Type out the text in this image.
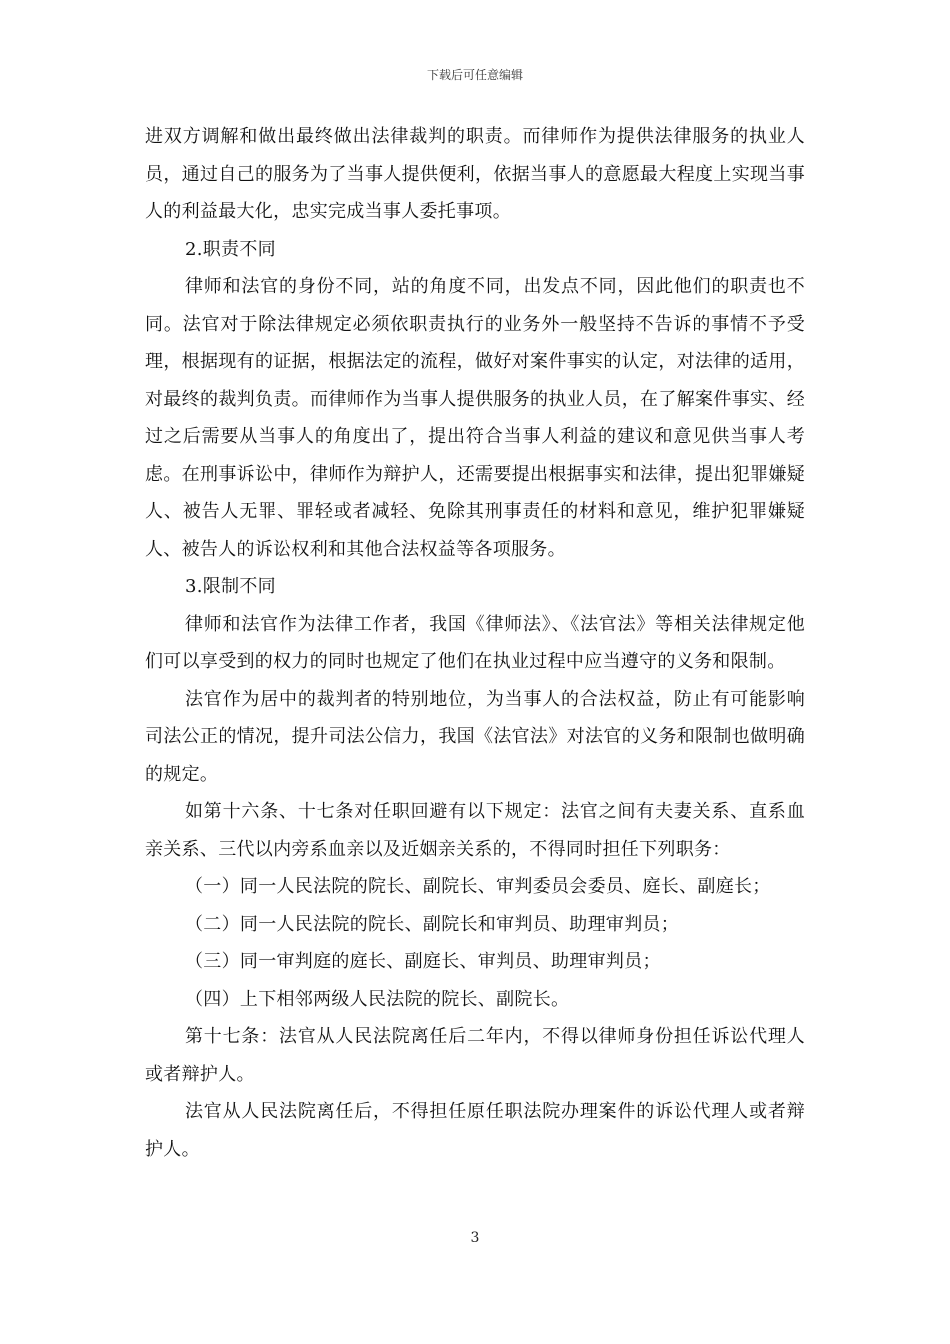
下载后可任意编辑

进双方调解和做出最终做出法律裁判的职责。而律师作为提供法律服务的执业人员，通过自己的服务为了当事人提供便利，依据当事人的意愿最大程度上实现当事人的利益最大化，忠实完成当事人委托事项。

2.职责不同

律师和法官的身份不同，站的角度不同，出发点不同，因此他们的职责也不同。法官对于除法律规定必须依职责执行的业务外一般坚持不告诉的事情不予受理，根据现有的证据，根据法定的流程，做好对案件事实的认定，对法律的适用，对最终的裁判负责。而律师作为当事人提供服务的执业人员，在了解案件事实、经过之后需要从当事人的角度出了，提出符合当事人利益的建议和意见供当事人考虑。在刑事诉讼中，律师作为辩护人，还需要提出根据事实和法律，提出犯罪嫌疑人、被告人无罪、罪轻或者减轻、免除其刑事责任的材料和意见，维护犯罪嫌疑人、被告人的诉讼权利和其他合法权益等各项服务。

3.限制不同

律师和法官作为法律工作者，我国《律师法》、《法官法》等相关法律规定他们可以享受到的权力的同时也规定了他们在执业过程中应当遵守的义务和限制。

法官作为居中的裁判者的特别地位，为当事人的合法权益，防止有可能影响司法公正的情况，提升司法公信力，我国《法官法》对法官的义务和限制也做明确的规定。

如第十六条、十七条对任职回避有以下规定：法官之间有夫妻关系、直系血亲关系、三代以内旁系血亲以及近姻亲关系的，不得同时担任下列职务：

（一）同一人民法院的院长、副院长、审判委员会委员、庭长、副庭长；

（二）同一人民法院的院长、副院长和审判员、助理审判员；

（三）同一审判庭的庭长、副庭长、审判员、助理审判员；

（四）上下相邻两级人民法院的院长、副院长。

第十七条：法官从人民法院离任后二年内，不得以律师身份担任诉讼代理人或者辩护人。

法官从人民法院离任后，不得担任原任职法院办理案件的诉讼代理人或者辩护人。

3
